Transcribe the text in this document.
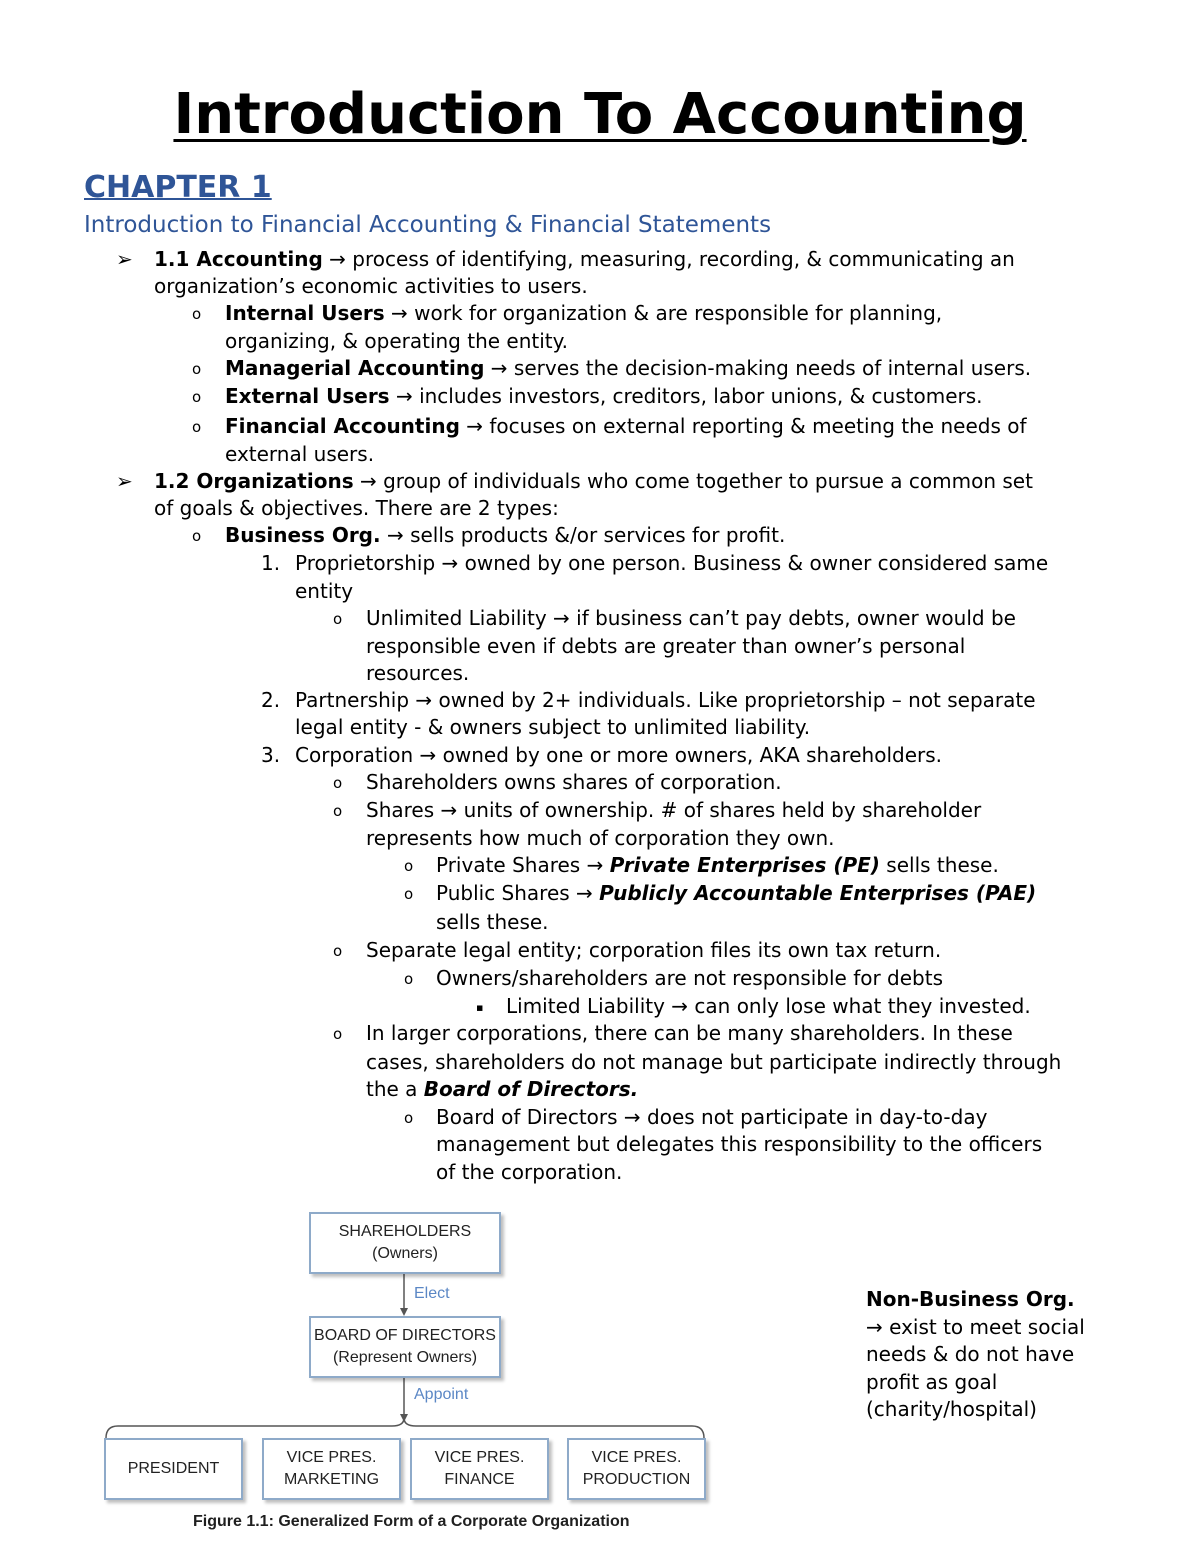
Introduction To Accounting
CHAPTER 1
Introduction to Financial Accounting & Financial Statements
➢ 1.1 Accounting → process of identifying, measuring, recording, & communicating an
organization’s economic activities to users.
o Internal Users → work for organization & are responsible for planning,
organizing, & operating the entity.
o Managerial Accounting → serves the decision-making needs of internal users.
o External Users → includes investors, creditors, labor unions, & customers.
o Financial Accounting → focuses on external reporting & meeting the needs of
external users.
➢ 1.2 Organizations → group of individuals who come together to pursue a common set
of goals & objectives. There are 2 types:
o Business Org. → sells products &/or services for profit.
1. Proprietorship → owned by one person. Business & owner considered same
entity
o Unlimited Liability → if business can’t pay debts, owner would be
responsible even if debts are greater than owner’s personal
resources.
2. Partnership → owned by 2+ individuals. Like proprietorship – not separate
legal entity - & owners subject to unlimited liability.
3. Corporation → owned by one or more owners, AKA shareholders.
o Shareholders owns shares of corporation.
o Shares → units of ownership. # of shares held by shareholder
represents how much of corporation they own.
o Private Shares → Private Enterprises (PE) sells these.
o Public Shares → Publicly Accountable Enterprises (PAE)
sells these.
o Separate legal entity; corporation files its own tax return.
o Owners/shareholders are not responsible for debts
▪ Limited Liability → can only lose what they invested.
o In larger corporations, there can be many shareholders. In these
cases, shareholders do not manage but participate indirectly through
the a Board of Directors.
o Board of Directors → does not participate in day-to-day
management but delegates this responsibility to the officers
of the corporation.
SHAREHOLDERS
(Owners)
Elect
BOARD OF DIRECTORS
(Represent Owners)
Appoint
PRESIDENT
VICE PRES.
MARKETING
VICE PRES.
FINANCE
VICE PRES.
PRODUCTION
Figure 1.1: Generalized Form of a Corporate Organization
Non-Business Org.
→ exist to meet social
needs & do not have
profit as goal
(charity/hospital)
